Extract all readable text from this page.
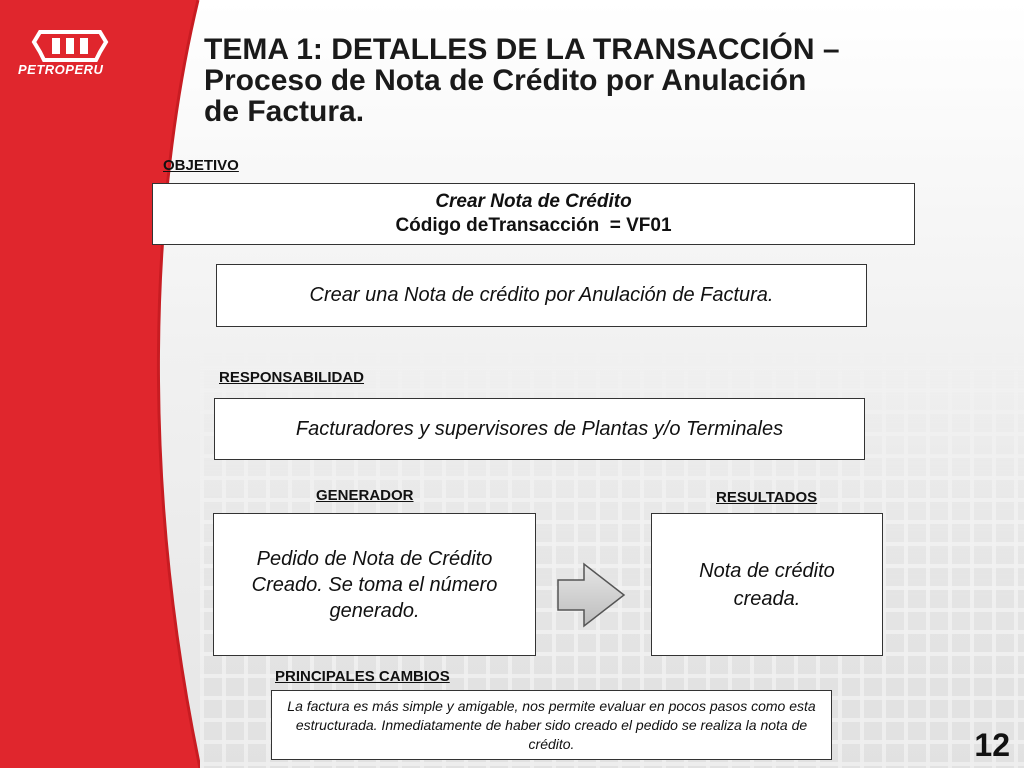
PETROPERU
TEMA 1: DETALLES DE LA TRANSACCIÓN – Proceso de Nota de Crédito por Anulación de Factura.
OBJETIVO
Crear Nota de Crédito
Código deTransacción  = VF01
Crear una Nota de crédito por Anulación de Factura.
RESPONSABILIDAD
Facturadores y supervisores de Plantas y/o Terminales
GENERADOR	RESULTADOS
Pedido de Nota de Crédito Creado. Se toma el número generado.
Nota de crédito creada.
PRINCIPALES CAMBIOS
La factura es más simple y amigable, nos permite evaluar en pocos pasos como esta estructurada. Inmediatamente de haber sido creado el pedido se realiza la nota de crédito.	12
